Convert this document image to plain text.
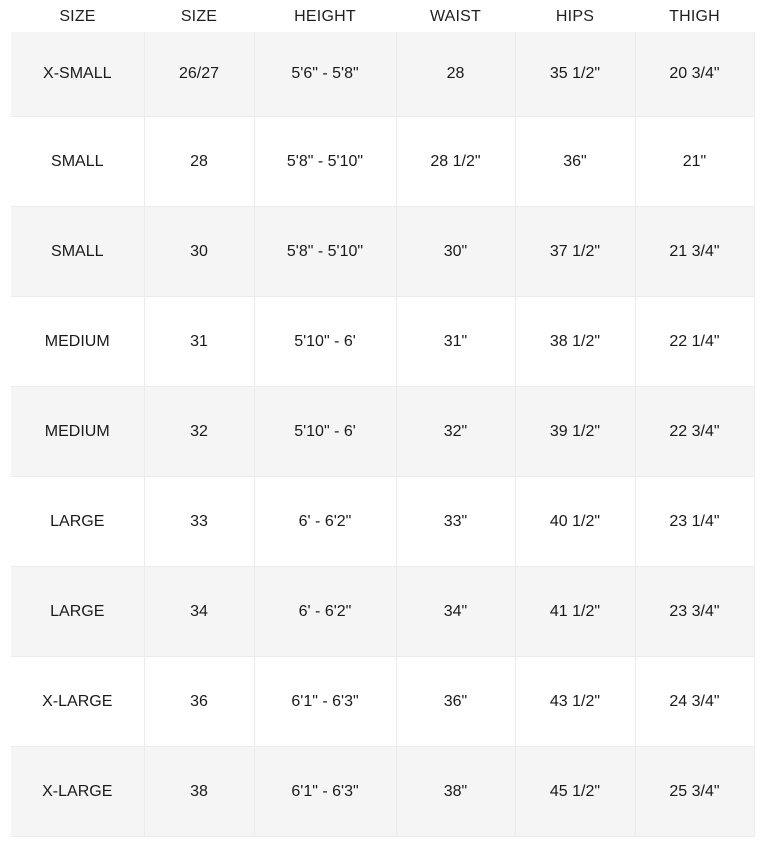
SIZE	SIZE	HEIGHT	WAIST	HIPS	THIGH
X-SMALL	26/27	5'6" - 5'8"	28	35 1/2"	20 3/4"
SMALL	28	5'8" - 5'10"	28 1/2"	36"	21"
SMALL	30	5'8" - 5'10"	30"	37 1/2"	21 3/4"
MEDIUM	31	5'10" - 6'	31"	38 1/2"	22 1/4"
MEDIUM	32	5'10" - 6'	32"	39 1/2"	22 3/4"
LARGE	33	6' - 6'2"	33"	40 1/2"	23 1/4"
LARGE	34	6' - 6'2"	34"	41 1/2"	23 3/4"
X-LARGE	36	6'1" - 6'3"	36"	43 1/2"	24 3/4"
X-LARGE	38	6'1" - 6'3"	38"	45 1/2"	25 3/4"
